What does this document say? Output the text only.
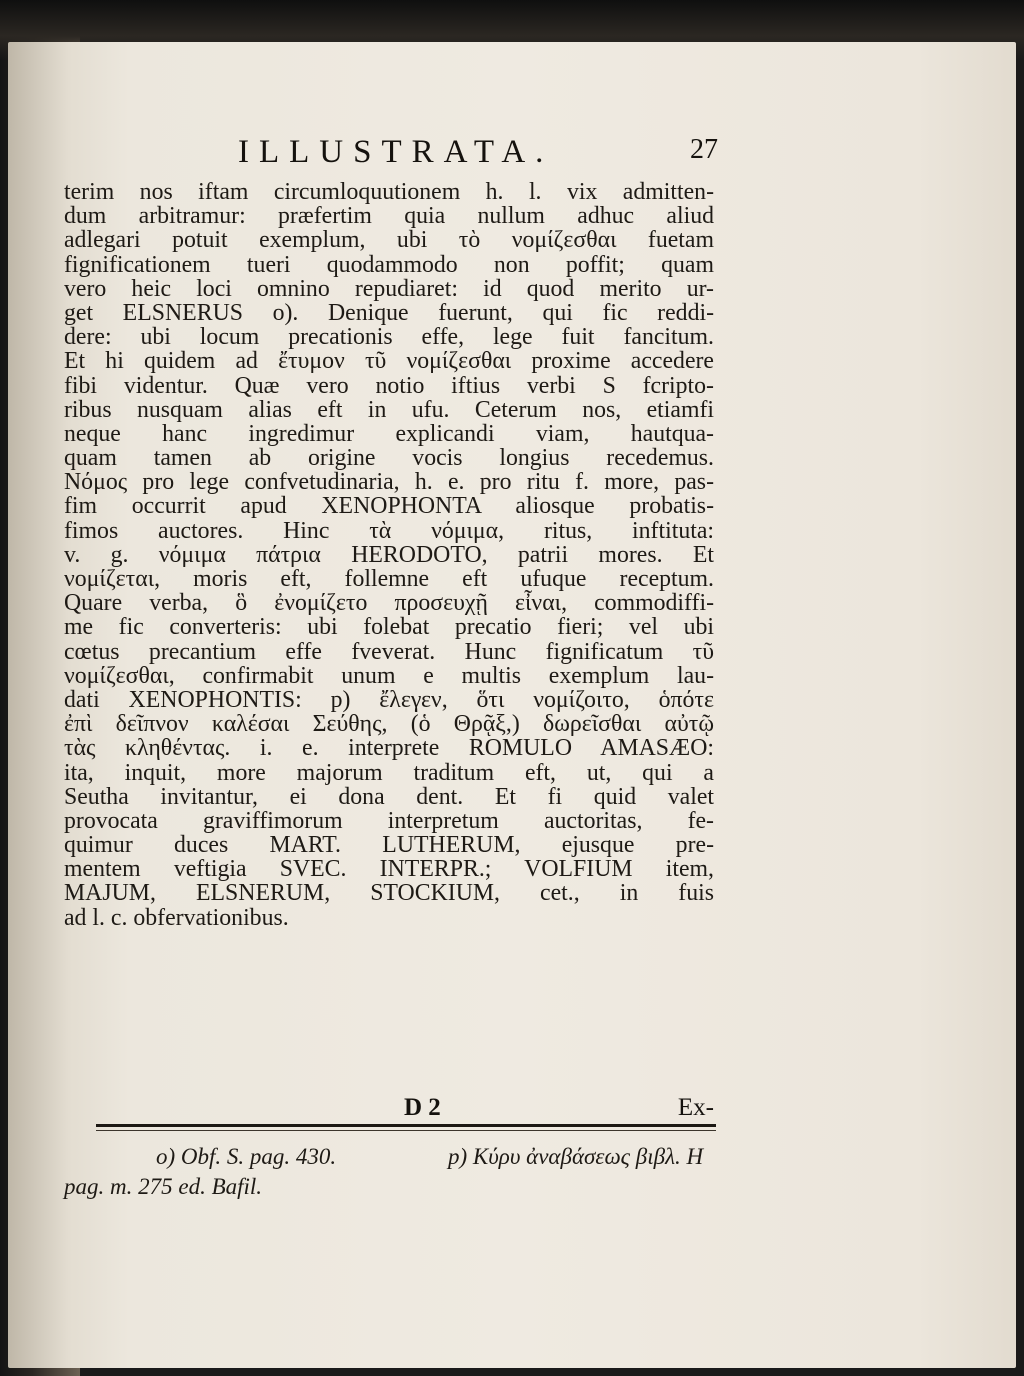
ILLUSTRATA.	27
terim nos iftam circumloquutionem h. l. vix admitten-
dum arbitramur: præfertim quia nullum adhuc aliud
adlegari potuit exemplum, ubi τὸ νομίζεσθαι fuetam
fignificationem tueri quodammodo non poffit; quam
vero heic loci omnino repudiaret: id quod merito ur-
get ELSNERUS o). Denique fuerunt, qui fic reddi-
dere: ubi locum precationis effe, lege fuit fancitum.
Et hi quidem ad ἔτυμον τῦ νομίζεσθαι proxime accedere
fibi videntur. Quæ vero notio iftius verbi S fcripto-
ribus nusquam alias eft in ufu. Ceterum nos, etiamfi
neque hanc ingredimur explicandi viam, hautqua-
quam tamen ab origine vocis longius recedemus.
Νόμος pro lege confvetudinaria, h. e. pro ritu f. more, pas-
fim occurrit apud XENOPHONTA aliosque probatis-
fimos auctores. Hinc τὰ νόμιμα, ritus, inftituta:
v. g. νόμιμα πάτρια HERODOTO, patrii mores. Et
νομίζεται, moris eft, follemne eft ufuque receptum.
Quare verba, ὃ ἐνομίζετο προσευχῇ εἶναι, commodiffi-
me fic converteris: ubi folebat precatio fieri; vel ubi
cœtus precantium effe fveverat. Hunc fignificatum τῦ
νομίζεσθαι, confirmabit unum e multis exemplum lau-
dati XENOPHONTIS: p) ἔλεγεν, ὅτι νομίζοιτο, ὁπότε
ἐπὶ δεῖπνον καλέσαι Σεύθης, (ὁ Θρᾷξ,) δωρεῖσθαι αὐτῷ
τὰς κληθέντας. i. e. interprete ROMULO AMASÆO:
ita, inquit, more majorum traditum eft, ut, qui a
Seutha invitantur, ei dona dent. Et fi quid valet
provocata graviffimorum interpretum auctoritas, fe-
quimur duces MART. LUTHERUM, ejusque pre-
mentem veftigia SVEC. INTERPR.; VOLFIUM item,
MAJUM, ELSNERUM, STOCKIUM, cet., in fuis
ad l. c. obfervationibus.
D 2	Ex-
o) Obf. S. pag. 430.	p) Κύρυ ἀναβάσεως βιβλ. H
pag. m. 275 ed. Bafil.
